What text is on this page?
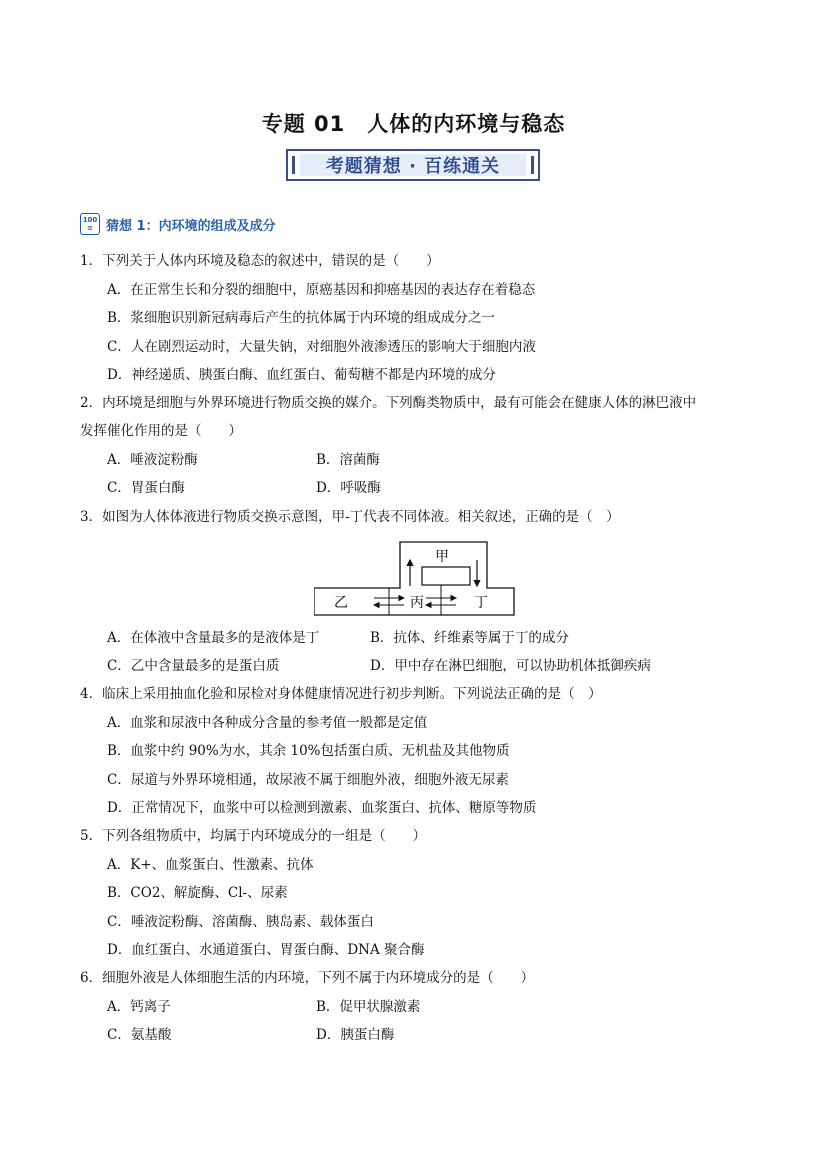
专题 01 人体的内环境与稳态
考题猜想 · 百练通关
100
≡ 猜想 1：内环境的组成及成分
1．下列关于人体内环境及稳态的叙述中，错误的是（　　）
A．在正常生长和分裂的细胞中，原癌基因和抑癌基因的表达存在着稳态
B．浆细胞识别新冠病毒后产生的抗体属于内环境的组成成分之一
C．人在剧烈运动时，大量失钠，对细胞外液渗透压的影响大于细胞内液
D．神经递质、胰蛋白酶、血红蛋白、葡萄糖不都是内环境的成分
2．内环境是细胞与外界环境进行物质交换的媒介。下列酶类物质中，最有可能会在健康人体的淋巴液中
发挥催化作用的是（　　）
A．唾液淀粉酶	B．溶菌酶
C．胃蛋白酶	D．呼吸酶
3．如图为人体体液进行物质交换示意图，甲-丁代表不同体液。相关叙述，正确的是（　）
甲
乙	丙	丁
A．在体液中含量最多的是液体是丁	B．抗体、纤维素等属于丁的成分
C．乙中含量最多的是蛋白质	D．甲中存在淋巴细胞，可以协助机体抵御疾病
4．临床上采用抽血化验和尿检对身体健康情况进行初步判断。下列说法正确的是（　）
A．血浆和尿液中各种成分含量的参考值一般都是定值
B．血浆中约 90%为水，其余 10%包括蛋白质、无机盐及其他物质
C．尿道与外界环境相通，故尿液不属于细胞外液，细胞外液无尿素
D．正常情况下，血浆中可以检测到激素、血浆蛋白、抗体、糖原等物质
5．下列各组物质中，均属于内环境成分的一组是（　　）
A．K+、血浆蛋白、性激素、抗体
B．CO2、解旋酶、Cl-、尿素
C．唾液淀粉酶、溶菌酶、胰岛素、载体蛋白
D．血红蛋白、水通道蛋白、胃蛋白酶、DNA 聚合酶
6．细胞外液是人体细胞生活的内环境，下列不属于内环境成分的是（　　）
A．钙离子	B．促甲状腺激素
C．氨基酸	D．胰蛋白酶
